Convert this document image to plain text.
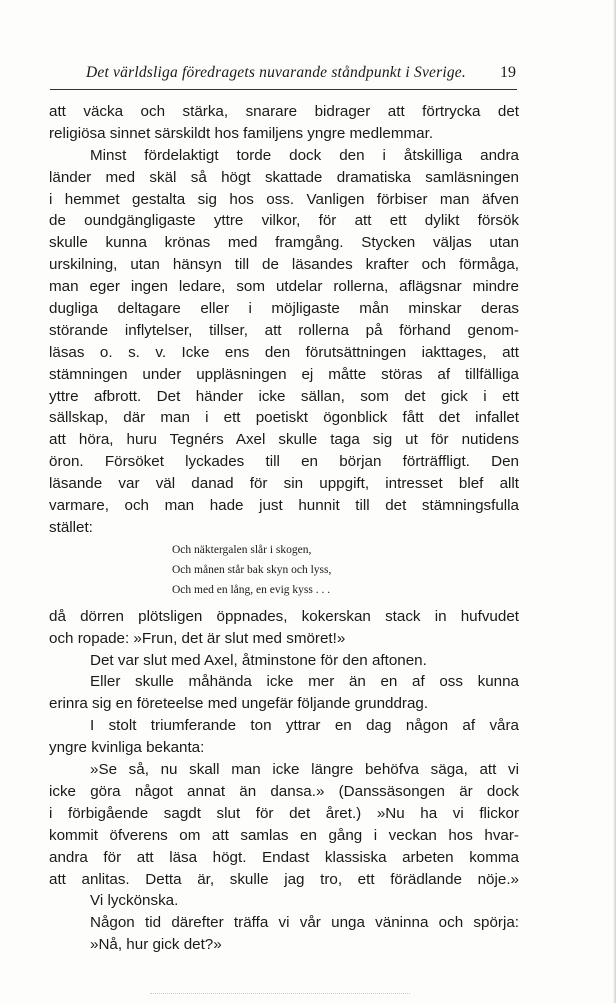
Det världsliga föredragets nuvarande ståndpunkt i Sverige. 19
att väcka och stärka, snarare bidrager att förtrycka det
religiösa sinnet särskildt hos familjens yngre medlemmar.
Minst fördelaktigt torde dock den i åtskilliga andra
länder med skäl så högt skattade dramatiska samläsningen
i hemmet gestalta sig hos oss. Vanligen förbiser man äfven
de oundgängligaste yttre vilkor, för att ett dylikt försök
skulle kunna krönas med framgång. Stycken väljas utan
urskilning, utan hänsyn till de läsandes krafter och förmåga,
man eger ingen ledare, som utdelar rollerna, aflägsnar mindre
dugliga deltagare eller i möjligaste mån minskar deras
störande inflytelser, tillser, att rollerna på förhand genom-
läsas o. s. v. Icke ens den förutsättningen iakttages, att
stämningen under uppläsningen ej måtte störas af tillfälliga
yttre afbrott. Det händer icke sällan, som det gick i ett
sällskap, där man i ett poetiskt ögonblick fått det infallet
att höra, huru Tegnérs Axel skulle taga sig ut för nutidens
öron. Försöket lyckades till en början förträffligt. Den
läsande var väl danad för sin uppgift, intresset blef allt
varmare, och man hade just hunnit till det stämningsfulla
stället:
Och näktergalen slår i skogen,
Och månen står bak skyn och lyss,
Och med en lång, en evig kyss . . .
då dörren plötsligen öppnades, kokerskan stack in hufvudet
och ropade: »Frun, det är slut med smöret!»
Det var slut med Axel, åtminstone för den aftonen.
Eller skulle måhända icke mer än en af oss kunna
erinra sig en företeelse med ungefär följande grunddrag.
I stolt triumferande ton yttrar en dag någon af våra
yngre kvinliga bekanta:
»Se så, nu skall man icke längre behöfva säga, att vi
icke göra något annat än dansa.» (Danssäsongen är dock
i förbigående sagdt slut för det året.) »Nu ha vi flickor
kommit öfverens om att samlas en gång i veckan hos hvar-
andra för att läsa högt. Endast klassiska arbeten komma
att anlitas. Detta är, skulle jag tro, ett förädlande nöje.»
Vi lyckönska.
Någon tid därefter träffa vi vår unga väninna och spörja:
»Nå, hur gick det?»
